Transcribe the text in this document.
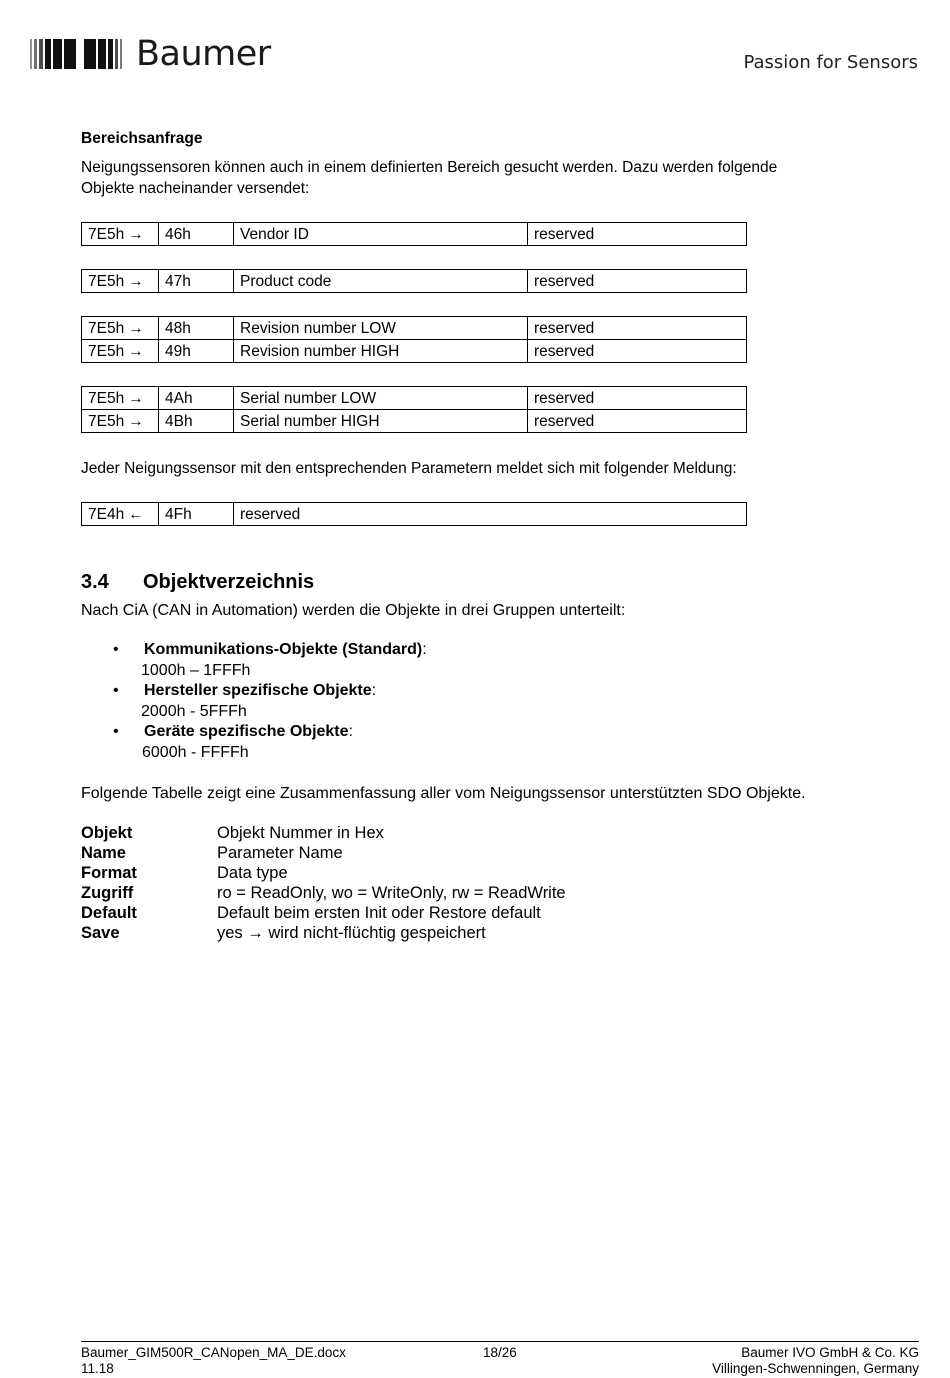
Baumer	Passion for Sensors
Bereichsanfrage
Neigungssensoren können auch in einem definierten Bereich gesucht werden. Dazu werden folgende
Objekte nacheinander versendet:
7E5h →	46h	Vendor ID	reserved
7E5h →	47h	Product code	reserved
7E5h →	48h	Revision number LOW	reserved
7E5h →	49h	Revision number HIGH	reserved
7E5h →	4Ah	Serial number LOW	reserved
7E5h →	4Bh	Serial number HIGH	reserved
Jeder Neigungssensor mit den entsprechenden Parametern meldet sich mit folgender Meldung:
7E4h ←	4Fh	reserved
3.4 Objektverzeichnis
Nach CiA (CAN in Automation) werden die Objekte in drei Gruppen unterteilt:
• Kommunikations-Objekte (Standard):
1000h – 1FFFh
• Hersteller spezifische Objekte:
2000h - 5FFFh
• Geräte spezifische Objekte:
6000h - FFFFh
Folgende Tabelle zeigt eine Zusammenfassung aller vom Neigungssensor unterstützten SDO Objekte.
Objekt	Objekt Nummer in Hex
Name	Parameter Name
Format	Data type
Zugriff	ro = ReadOnly, wo = WriteOnly, rw = ReadWrite
Default	Default beim ersten Init oder Restore default
Save	yes → wird nicht-flüchtig gespeichert
Baumer_GIM500R_CANopen_MA_DE.docx
11.18
18/26	Baumer IVO GmbH & Co. KG
Villingen-Schwenningen, Germany
